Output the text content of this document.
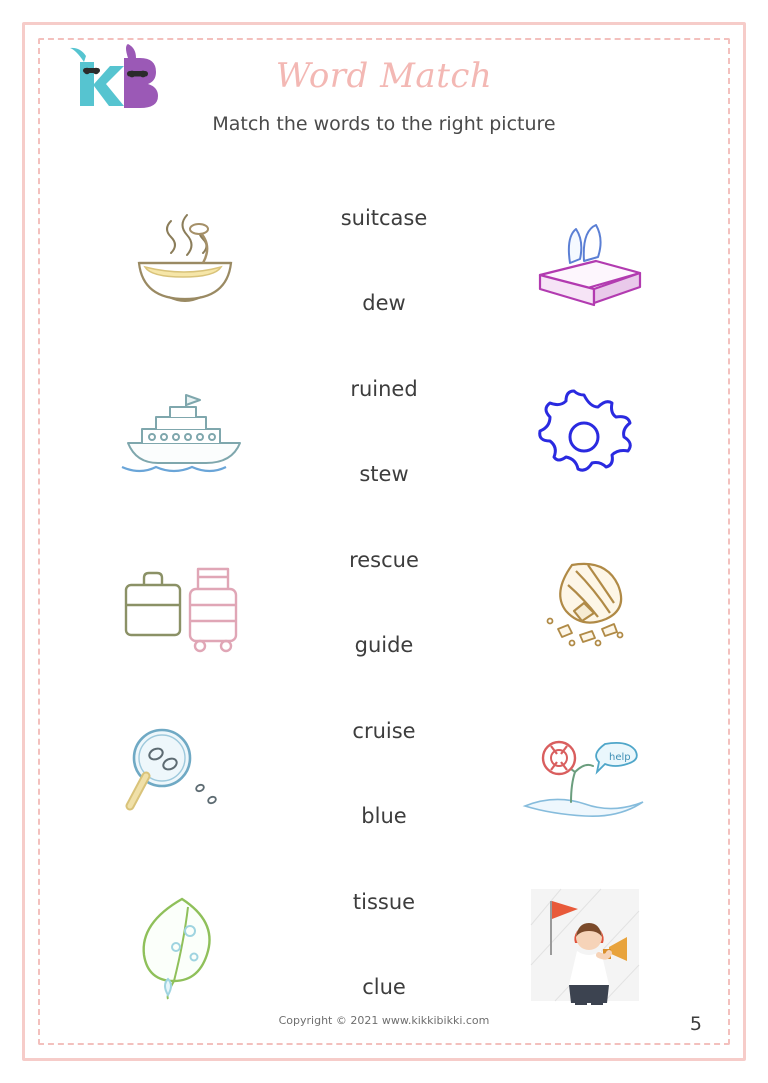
Word Match
Match the words to the right picture
suitcase
dew
ruined
stew
rescue
guide
cruise
blue
tissue
clue
help
Copyright © 2021 www.kikkibikki.com	5
